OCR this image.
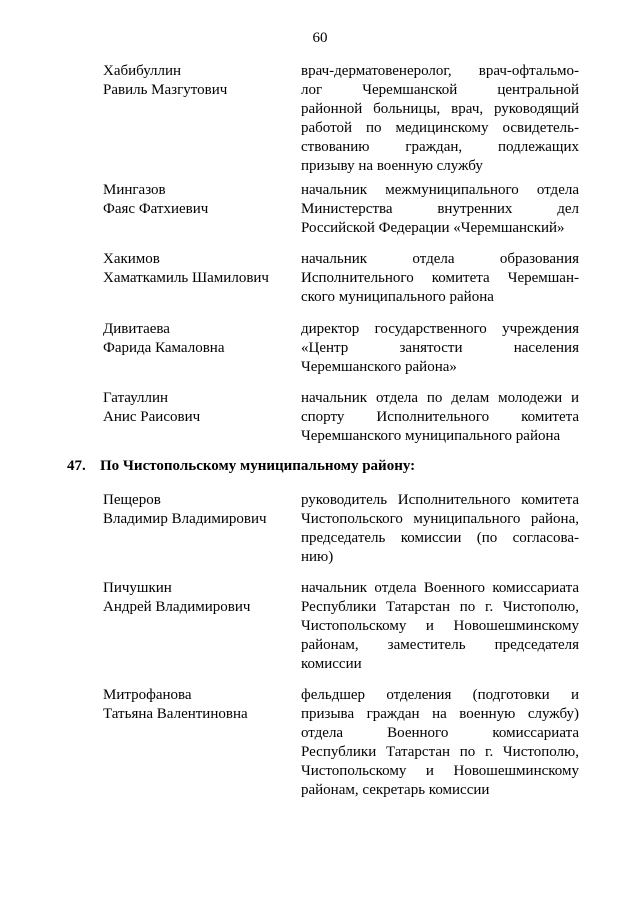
60
Хабибуллин
Равиль Мазгутович
врач-дерматовенеролог, врач-офтальмо-
лог Черемшанской центральной
районной больницы, врач, руководящий
работой по медицинскому освидетель-
ствованию граждан, подлежащих
призыву на военную службу
Мингазов
Фаяс Фатхиевич
начальник межмуниципального отдела
Министерства внутренних дел
Российской Федерации «Черемшанский»
Хакимов
Хаматкамиль Шамилович
начальник отдела образования
Исполнительного комитета Черемшан-
ского муниципального района
Дивитаева
Фарида Камаловна
директор государственного учреждения
«Центр занятости населения
Черемшанского района»
Гатауллин
Анис Раисович
начальник отдела по делам молодежи и
спорту Исполнительного комитета
Черемшанского муниципального района
47. По Чистопольскому муниципальному району:
Пещеров
Владимир Владимирович
руководитель Исполнительного комитета
Чистопольского муниципального района,
председатель комиссии (по согласова-
нию)
Пичушкин
Андрей Владимирович
начальник отдела Военного комиссариата
Республики Татарстан по г. Чистополю,
Чистопольскому и Новошешминскому
районам, заместитель председателя
комиссии
Митрофанова
Татьяна Валентиновна
фельдшер отделения (подготовки и
призыва граждан на военную службу)
отдела Военного комиссариата
Республики Татарстан по г. Чистополю,
Чистопольскому и Новошешминскому
районам, секретарь комиссии
